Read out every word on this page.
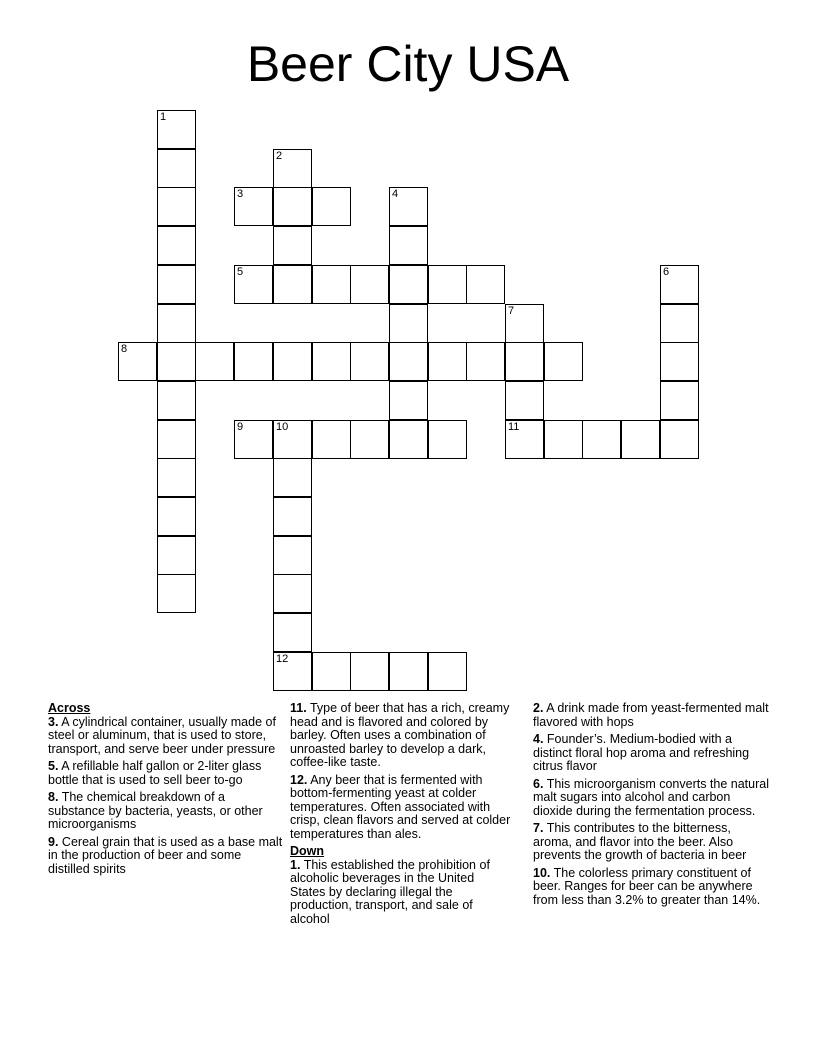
Beer City USA
1
2
3	4
5	6
7
8
9	10	11
12
Across
3. A cylindrical container, usually made of steel or aluminum, that is used to store, transport, and serve beer under pressure
5. A refillable half gallon or 2-liter glass bottle that is used to sell beer to-go
8. The chemical breakdown of a substance by bacteria, yeasts, or other microorganisms
9. Cereal grain that is used as a base malt in the production of beer and some distilled spirits
11. Type of beer that has a rich, creamy head and is flavored and colored by barley. Often uses a combination of unroasted barley to develop a dark, coffee-like taste.
12. Any beer that is fermented with bottom-fermenting yeast at colder temperatures. Often associated with crisp, clean flavors and served at colder temperatures than ales.
Down
1. This established the prohibition of alcoholic beverages in the United States by declaring illegal the production, transport, and sale of alcohol
2. A drink made from yeast-fermented malt flavored with hops
4. Founder’s. Medium-bodied with a distinct floral hop aroma and refreshing citrus flavor
6. This microorganism converts the natural malt sugars into alcohol and carbon dioxide during the fermentation process.
7. This contributes to the bitterness, aroma, and flavor into the beer. Also prevents the growth of bacteria in beer
10. The colorless primary constituent of beer. Ranges for beer can be anywhere from less than 3.2% to greater than 14%.
